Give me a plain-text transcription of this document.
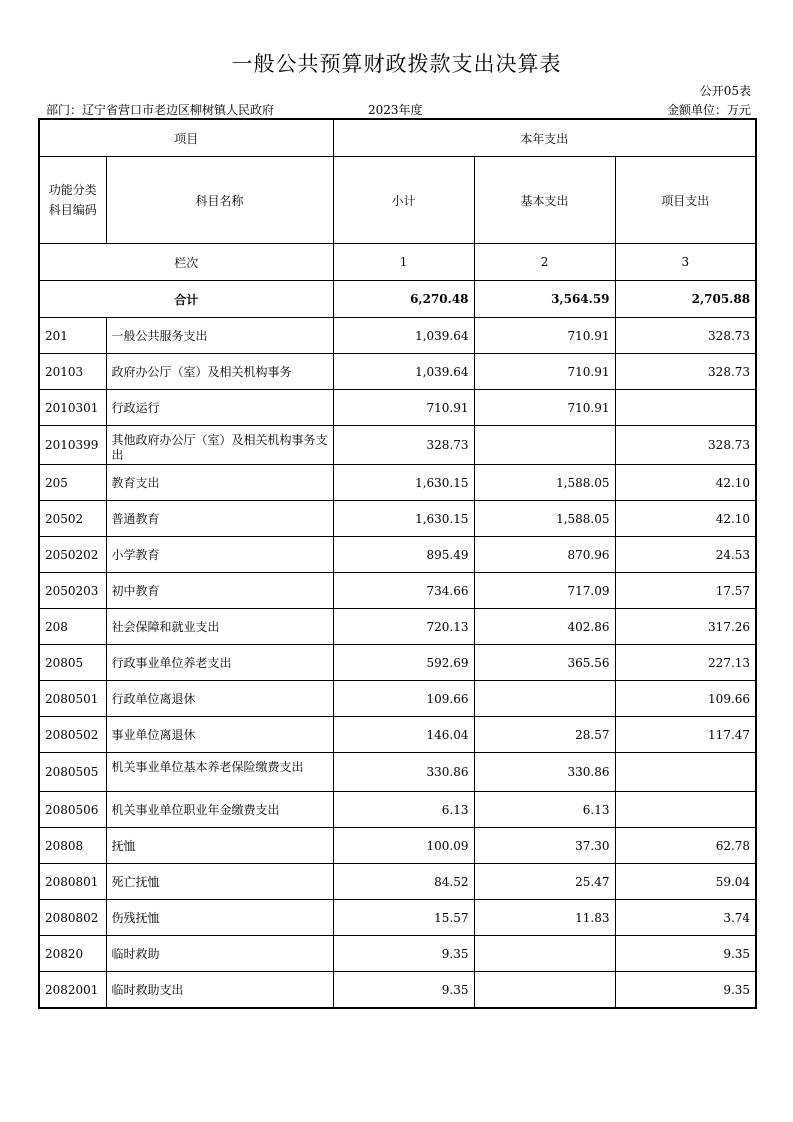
一般公共预算财政拨款支出决算表
公开05表
部门：辽宁省营口市老边区柳树镇人民政府	2023年度	金额单位：万元
项目		本年支出		
功能分类
科目编码	科目名称	小计	基本支出	项目支出
栏次		1	2	3
合计		6,270.48	3,564.59	2,705.88
201	一般公共服务支出	1,039.64	710.91	328.73
20103	政府办公厅（室）及相关机构事务	1,039.64	710.91	328.73
2010301	行政运行	710.91	710.91	
2010399	其他政府办公厅（室）及相关机构事务支出	328.73		328.73
205	教育支出	1,630.15	1,588.05	42.10
20502	普通教育	1,630.15	1,588.05	42.10
2050202	小学教育	895.49	870.96	24.53
2050203	初中教育	734.66	717.09	17.57
208	社会保障和就业支出	720.13	402.86	317.26
20805	行政事业单位养老支出	592.69	365.56	227.13
2080501	行政单位离退休	109.66		109.66
2080502	事业单位离退休	146.04	28.57	117.47
2080505	机关事业单位基本养老保险缴费支出	330.86	330.86	
2080506	机关事业单位职业年金缴费支出	6.13	6.13	
20808	抚恤	100.09	37.30	62.78
2080801	死亡抚恤	84.52	25.47	59.04
2080802	伤残抚恤	15.57	11.83	3.74
20820	临时救助	9.35		9.35
2082001	临时救助支出	9.35		9.35
